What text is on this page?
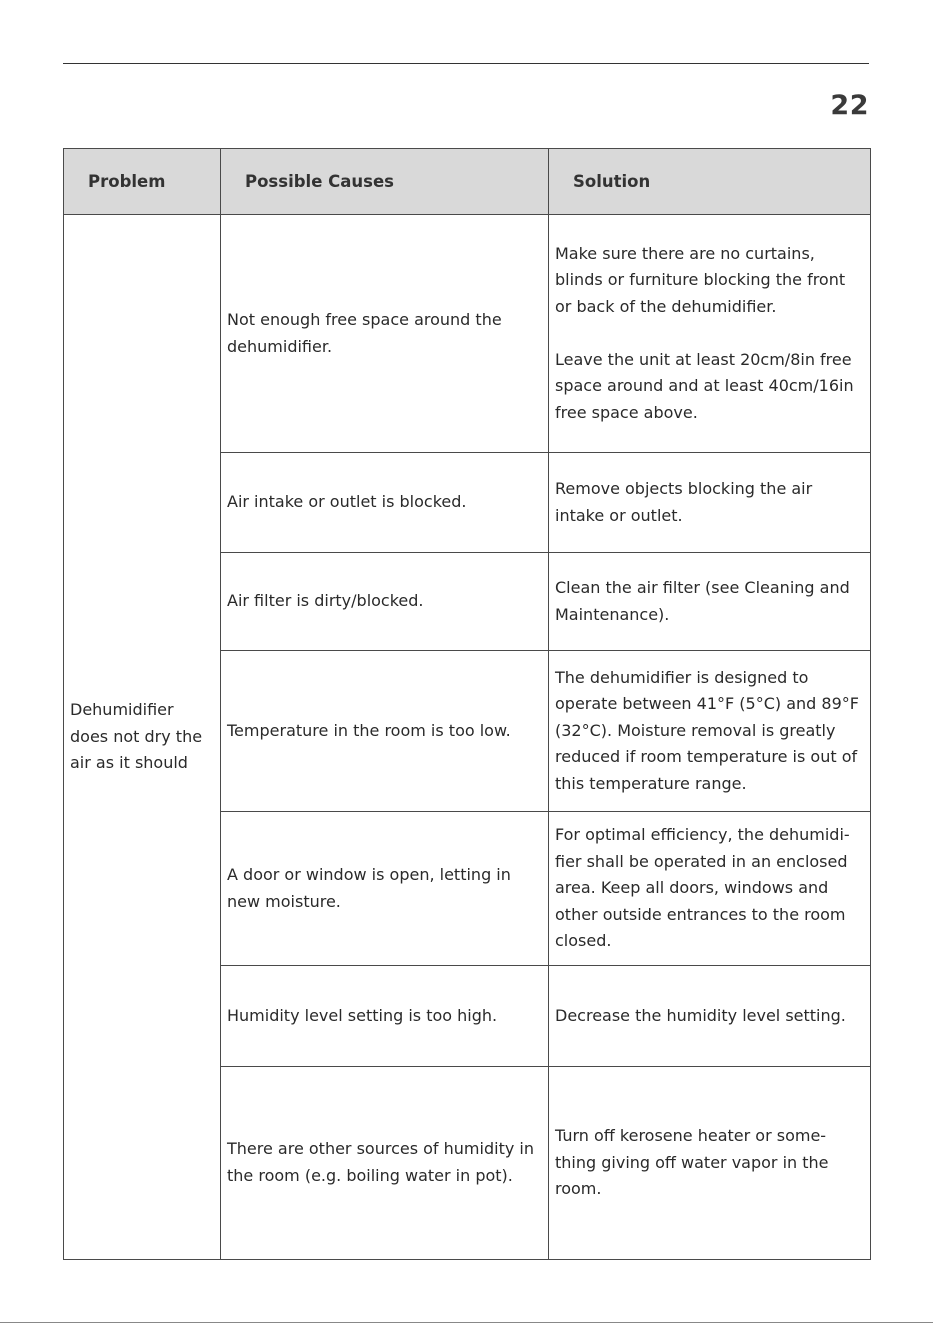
22
Problem	Possible Causes	Solution
Dehumidifier does not dry the air as it should	Not enough free space around the dehumidifier.	Make sure there are no curtains, blinds or furniture blocking the front or back of the dehumidifier.

Leave the unit at least 20cm/8in free space around and at least 40cm/16in free space above.

	Air intake or outlet is blocked.	Remove objects blocking the air intake or outlet.

	Air filter is dirty/blocked.	Clean the air filter (see Cleaning and Maintenance).

	Temperature in the room is too low.	The dehumidifier is designed to operate between 41°F (5°C) and 89°F (32°C). Moisture removal is greatly reduced if room temperature is out of this temperature range.

	A door or window is open, letting in new moisture.	For optimal efficiency, the dehumidi-fier shall be operated in an enclosed area. Keep all doors, windows and other outside entrances to the room closed.

	Humidity level setting is too high.	Decrease the humidity level setting.

	There are other sources of humidity in the room (e.g. boiling water in pot).	Turn off kerosene heater or some-thing giving off water vapor in the room.
